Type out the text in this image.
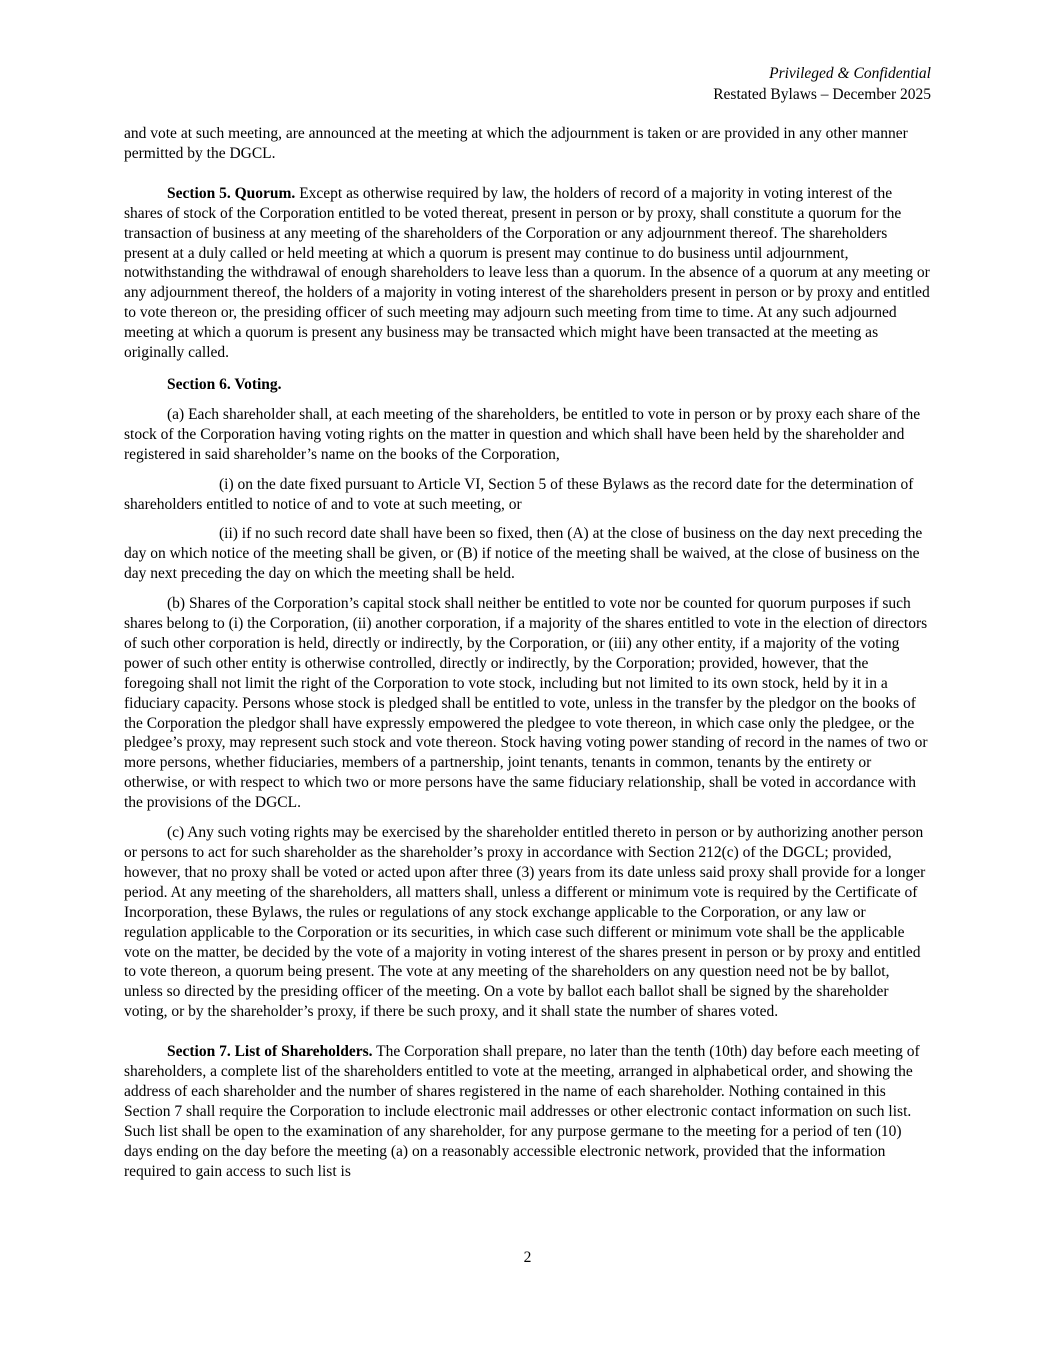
Privileged & Confidential
Restated Bylaws – December 2025

and vote at such meeting, are announced at the meeting at which the adjournment is taken or are provided in any other manner permitted by the DGCL.

Section 5. Quorum. Except as otherwise required by law, the holders of record of a majority in voting interest of the shares of stock of the Corporation entitled to be voted thereat, present in person or by proxy, shall constitute a quorum for the transaction of business at any meeting of the shareholders of the Corporation or any adjournment thereof. The shareholders present at a duly called or held meeting at which a quorum is present may continue to do business until adjournment, notwithstanding the withdrawal of enough shareholders to leave less than a quorum. In the absence of a quorum at any meeting or any adjournment thereof, the holders of a majority in voting interest of the shareholders present in person or by proxy and entitled to vote thereon or, the presiding officer of such meeting may adjourn such meeting from time to time. At any such adjourned meeting at which a quorum is present any business may be transacted which might have been transacted at the meeting as originally called.

Section 6. Voting.

(a) Each shareholder shall, at each meeting of the shareholders, be entitled to vote in person or by proxy each share of the stock of the Corporation having voting rights on the matter in question and which shall have been held by the shareholder and registered in said shareholder’s name on the books of the Corporation,

(i) on the date fixed pursuant to Article VI, Section 5 of these Bylaws as the record date for the determination of shareholders entitled to notice of and to vote at such meeting, or

(ii) if no such record date shall have been so fixed, then (A) at the close of business on the day next preceding the day on which notice of the meeting shall be given, or (B) if notice of the meeting shall be waived, at the close of business on the day next preceding the day on which the meeting shall be held.

(b) Shares of the Corporation’s capital stock shall neither be entitled to vote nor be counted for quorum purposes if such shares belong to (i) the Corporation, (ii) another corporation, if a majority of the shares entitled to vote in the election of directors of such other corporation is held, directly or indirectly, by the Corporation, or (iii) any other entity, if a majority of the voting power of such other entity is otherwise controlled, directly or indirectly, by the Corporation; provided, however, that the foregoing shall not limit the right of the Corporation to vote stock, including but not limited to its own stock, held by it in a fiduciary capacity. Persons whose stock is pledged shall be entitled to vote, unless in the transfer by the pledgor on the books of the Corporation the pledgor shall have expressly empowered the pledgee to vote thereon, in which case only the pledgee, or the pledgee’s proxy, may represent such stock and vote thereon. Stock having voting power standing of record in the names of two or more persons, whether fiduciaries, members of a partnership, joint tenants, tenants in common, tenants by the entirety or otherwise, or with respect to which two or more persons have the same fiduciary relationship, shall be voted in accordance with the provisions of the DGCL.

(c) Any such voting rights may be exercised by the shareholder entitled thereto in person or by authorizing another person or persons to act for such shareholder as the shareholder’s proxy in accordance with Section 212(c) of the DGCL; provided, however, that no proxy shall be voted or acted upon after three (3) years from its date unless said proxy shall provide for a longer period. At any meeting of the shareholders, all matters shall, unless a different or minimum vote is required by the Certificate of Incorporation, these Bylaws, the rules or regulations of any stock exchange applicable to the Corporation, or any law or regulation applicable to the Corporation or its securities, in which case such different or minimum vote shall be the applicable vote on the matter, be decided by the vote of a majority in voting interest of the shares present in person or by proxy and entitled to vote thereon, a quorum being present. The vote at any meeting of the shareholders on any question need not be by ballot, unless so directed by the presiding officer of the meeting. On a vote by ballot each ballot shall be signed by the shareholder voting, or by the shareholder’s proxy, if there be such proxy, and it shall state the number of shares voted.

Section 7. List of Shareholders. The Corporation shall prepare, no later than the tenth (10th) day before each meeting of shareholders, a complete list of the shareholders entitled to vote at the meeting, arranged in alphabetical order, and showing the address of each shareholder and the number of shares registered in the name of each shareholder. Nothing contained in this Section 7 shall require the Corporation to include electronic mail addresses or other electronic contact information on such list. Such list shall be open to the examination of any shareholder, for any purpose germane to the meeting for a period of ten (10) days ending on the day before the meeting (a) on a reasonably accessible electronic network, provided that the information required to gain access to such list is

2
